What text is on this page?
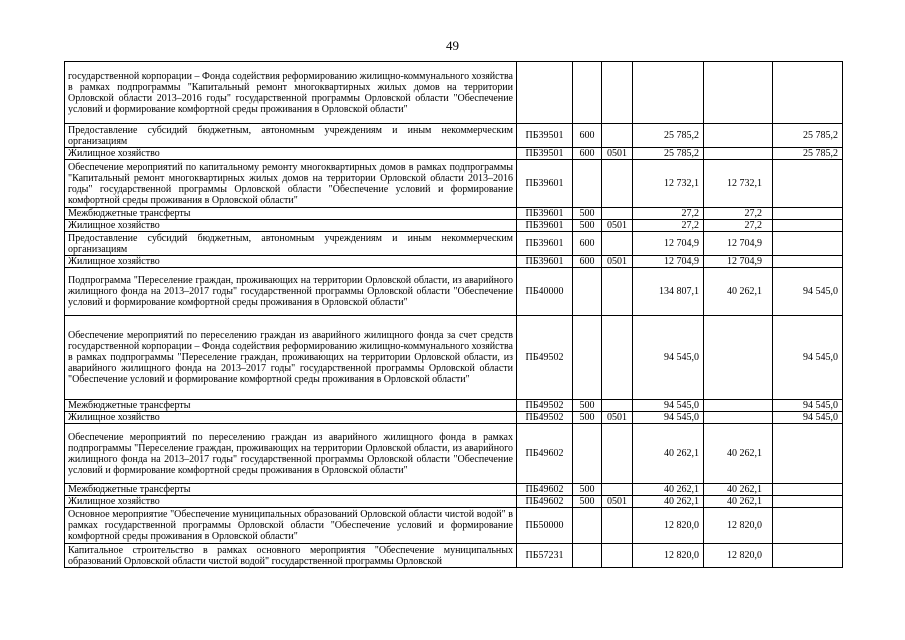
49
государственной корпорации – Фонда содействия реформированию жилищно-коммунального хозяйства в рамках подпрограммы "Капитальный ремонт многоквартирных жилых домов на территории Орловской области 2013–2016 годы" государственной программы Орловской области "Обеспечение условий и формирование комфортной среды проживания в Орловской области"						
Предоставление субсидий бюджетным, автономным учреждениям и иным некоммерческим организациям	ПБ39501	600		25 785,2		25 785,2
Жилищное хозяйство	ПБ39501	600	0501	25 785,2		25 785,2
Обеспечение мероприятий по капитальному ремонту многоквартирных домов в рамках подпрограммы "Капитальный ремонт многоквартирных жилых домов на территории Орловской области 2013–2016 годы" государственной программы Орловской области "Обеспечение условий и формирование комфортной среды проживания в Орловской области"	ПБ39601			12 732,1	12 732,1	
Межбюджетные трансферты	ПБ39601	500		27,2	27,2	
Жилищное хозяйство	ПБ39601	500	0501	27,2	27,2	
Предоставление субсидий бюджетным, автономным учреждениям и иным некоммерческим организациям	ПБ39601	600		12 704,9	12 704,9	
Жилищное хозяйство	ПБ39601	600	0501	12 704,9	12 704,9	
Подпрограмма "Переселение граждан, проживающих на территории Орловской области, из аварийного жилищного фонда на 2013–2017 годы" государственной программы Орловской области "Обеспечение условий и формирование комфортной среды проживания в Орловской области"	ПБ40000			134 807,1	40 262,1	94 545,0
Обеспечение мероприятий по переселению граждан из аварийного жилищного фонда за счет средств государственной корпорации – Фонда содействия реформированию жилищно-коммунального хозяйства в рамках подпрограммы "Переселение граждан, проживающих на территории Орловской области, из аварийного жилищного фонда на 2013–2017 годы" государственной программы Орловской области "Обеспечение условий и формирование комфортной среды проживания в Орловской области"	ПБ49502			94 545,0		94 545,0
Межбюджетные трансферты	ПБ49502	500		94 545,0		94 545,0
Жилищное хозяйство	ПБ49502	500	0501	94 545,0		94 545,0
Обеспечение мероприятий по переселению граждан из аварийного жилищного фонда в рамках подпрограммы "Переселение граждан, проживающих на территории Орловской области, из аварийного жилищного фонда на 2013–2017 годы" государственной программы Орловской области "Обеспечение условий и формирование комфортной среды проживания в Орловской области"	ПБ49602			40 262,1	40 262,1	
Межбюджетные трансферты	ПБ49602	500		40 262,1	40 262,1	
Жилищное хозяйство	ПБ49602	500	0501	40 262,1	40 262,1	
Основное мероприятие "Обеспечение муниципальных образований Орловской области чистой водой" в рамках государственной программы Орловской области "Обеспечение условий и формирование комфортной среды проживания в Орловской области"	ПБ50000			12 820,0	12 820,0	
Капитальное строительство в рамках основного мероприятия "Обеспечение муниципальных образований Орловской области чистой водой" государственной программы Орловской	ПБ57231			12 820,0	12 820,0	
